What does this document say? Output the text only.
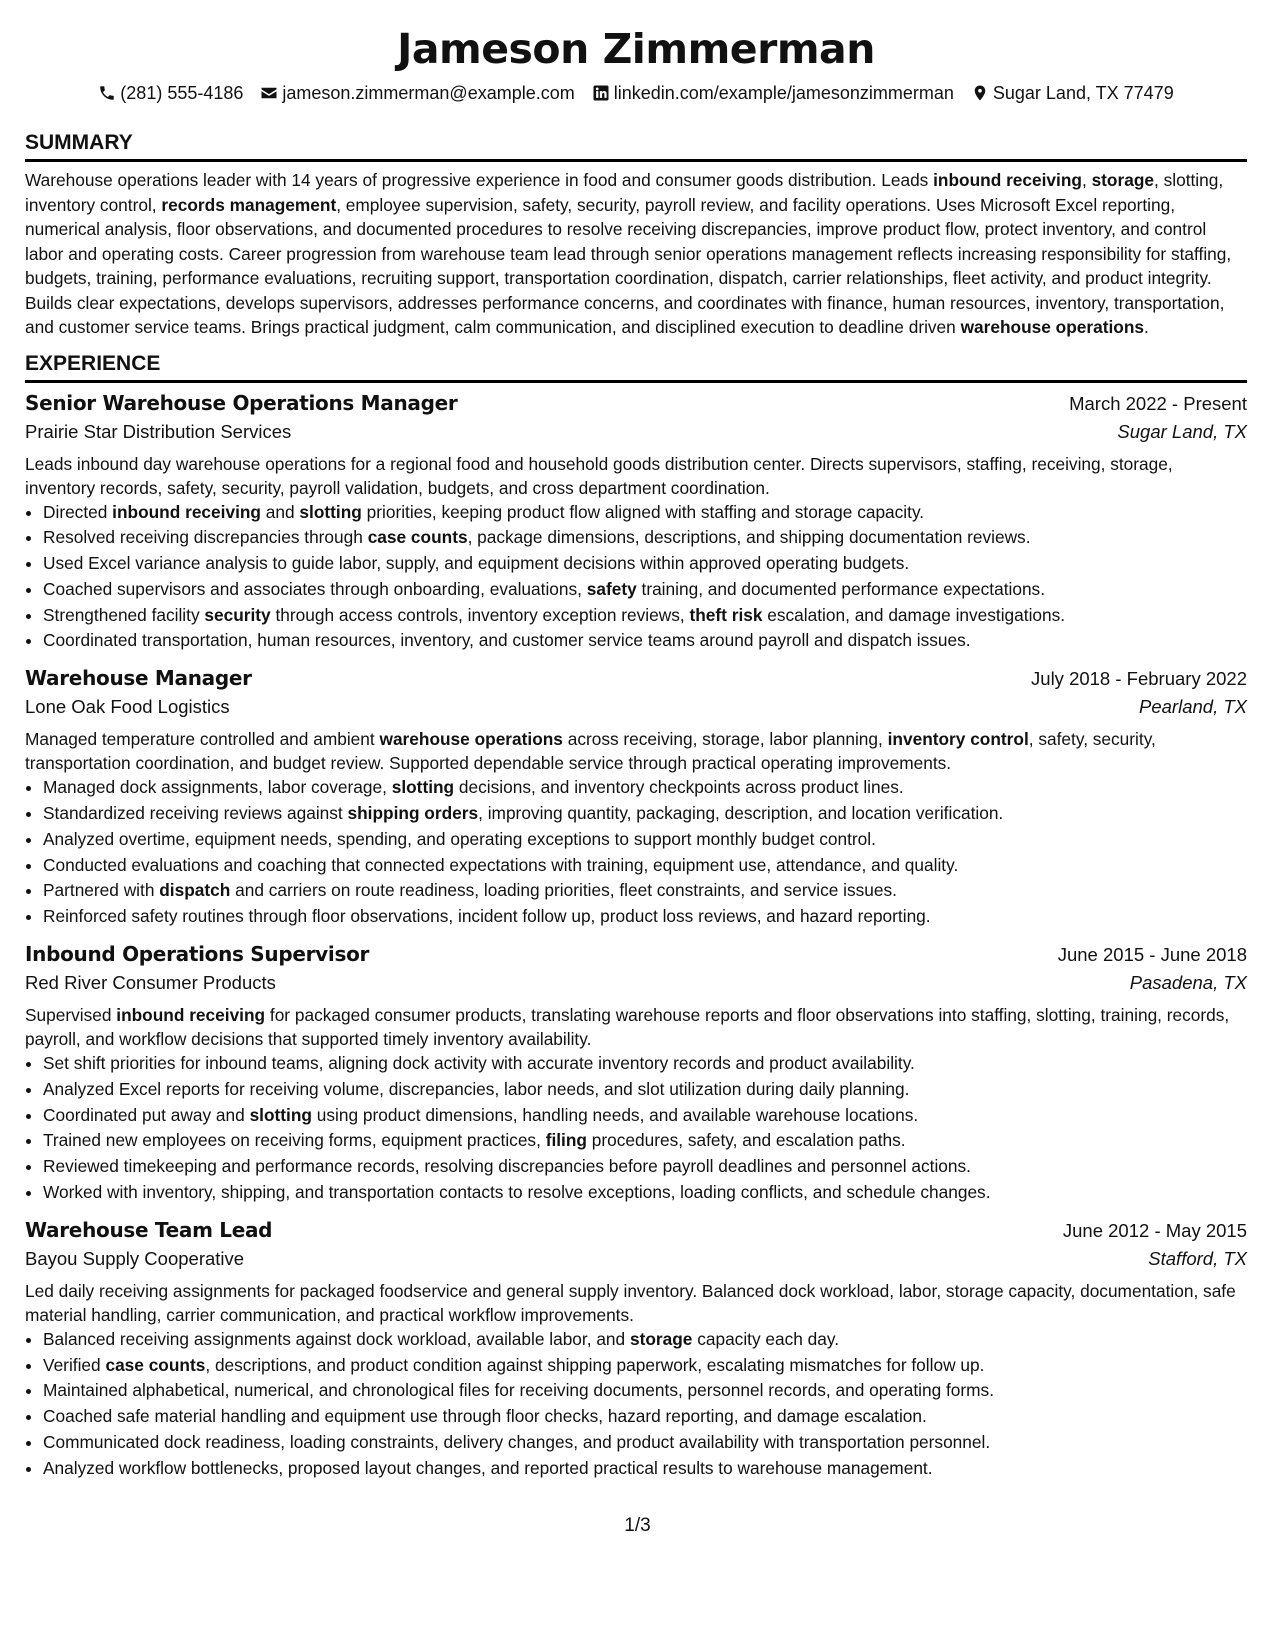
Jameson Zimmerman
(281) 555-4186 jameson.zimmerman@example.com linkedin.com/example/jamesonzimmerman Sugar Land, TX 77479
SUMMARY
Warehouse operations leader with 14 years of progressive experience in food and consumer goods distribution. Leads inbound receiving, storage, slotting, inventory control, records management, employee supervision, safety, security, payroll review, and facility operations. Uses Microsoft Excel reporting, numerical analysis, floor observations, and documented procedures to resolve receiving discrepancies, improve product flow, protect inventory, and control labor and operating costs. Career progression from warehouse team lead through senior operations management reflects increasing responsibility for staffing, budgets, training, performance evaluations, recruiting support, transportation coordination, dispatch, carrier relationships, fleet activity, and product integrity. Builds clear expectations, develops supervisors, addresses performance concerns, and coordinates with finance, human resources, inventory, transportation, and customer service teams. Brings practical judgment, calm communication, and disciplined execution to deadline driven warehouse operations.
EXPERIENCE
Senior Warehouse Operations Manager	March 2022 - Present
Prairie Star Distribution Services	Sugar Land, TX
Leads inbound day warehouse operations for a regional food and household goods distribution center. Directs supervisors, staffing, receiving, storage, inventory records, safety, security, payroll validation, budgets, and cross department coordination.
• Directed inbound receiving and slotting priorities, keeping product flow aligned with staffing and storage capacity.
• Resolved receiving discrepancies through case counts, package dimensions, descriptions, and shipping documentation reviews.
• Used Excel variance analysis to guide labor, supply, and equipment decisions within approved operating budgets.
• Coached supervisors and associates through onboarding, evaluations, safety training, and documented performance expectations.
• Strengthened facility security through access controls, inventory exception reviews, theft risk escalation, and damage investigations.
• Coordinated transportation, human resources, inventory, and customer service teams around payroll and dispatch issues.
Warehouse Manager	July 2018 - February 2022
Lone Oak Food Logistics	Pearland, TX
Managed temperature controlled and ambient warehouse operations across receiving, storage, labor planning, inventory control, safety, security, transportation coordination, and budget review. Supported dependable service through practical operating improvements.
• Managed dock assignments, labor coverage, slotting decisions, and inventory checkpoints across product lines.
• Standardized receiving reviews against shipping orders, improving quantity, packaging, description, and location verification.
• Analyzed overtime, equipment needs, spending, and operating exceptions to support monthly budget control.
• Conducted evaluations and coaching that connected expectations with training, equipment use, attendance, and quality.
• Partnered with dispatch and carriers on route readiness, loading priorities, fleet constraints, and service issues.
• Reinforced safety routines through floor observations, incident follow up, product loss reviews, and hazard reporting.
Inbound Operations Supervisor	June 2015 - June 2018
Red River Consumer Products	Pasadena, TX
Supervised inbound receiving for packaged consumer products, translating warehouse reports and floor observations into staffing, slotting, training, records, payroll, and workflow decisions that supported timely inventory availability.
• Set shift priorities for inbound teams, aligning dock activity with accurate inventory records and product availability.
• Analyzed Excel reports for receiving volume, discrepancies, labor needs, and slot utilization during daily planning.
• Coordinated put away and slotting using product dimensions, handling needs, and available warehouse locations.
• Trained new employees on receiving forms, equipment practices, filing procedures, safety, and escalation paths.
• Reviewed timekeeping and performance records, resolving discrepancies before payroll deadlines and personnel actions.
• Worked with inventory, shipping, and transportation contacts to resolve exceptions, loading conflicts, and schedule changes.
Warehouse Team Lead	June 2012 - May 2015
Bayou Supply Cooperative	Stafford, TX
Led daily receiving assignments for packaged foodservice and general supply inventory. Balanced dock workload, labor, storage capacity, documentation, safe material handling, carrier communication, and practical workflow improvements.
• Balanced receiving assignments against dock workload, available labor, and storage capacity each day.
• Verified case counts, descriptions, and product condition against shipping paperwork, escalating mismatches for follow up.
• Maintained alphabetical, numerical, and chronological files for receiving documents, personnel records, and operating forms.
• Coached safe material handling and equipment use through floor checks, hazard reporting, and damage escalation.
• Communicated dock readiness, loading constraints, delivery changes, and product availability with transportation personnel.
• Analyzed workflow bottlenecks, proposed layout changes, and reported practical results to warehouse management.
1/3
